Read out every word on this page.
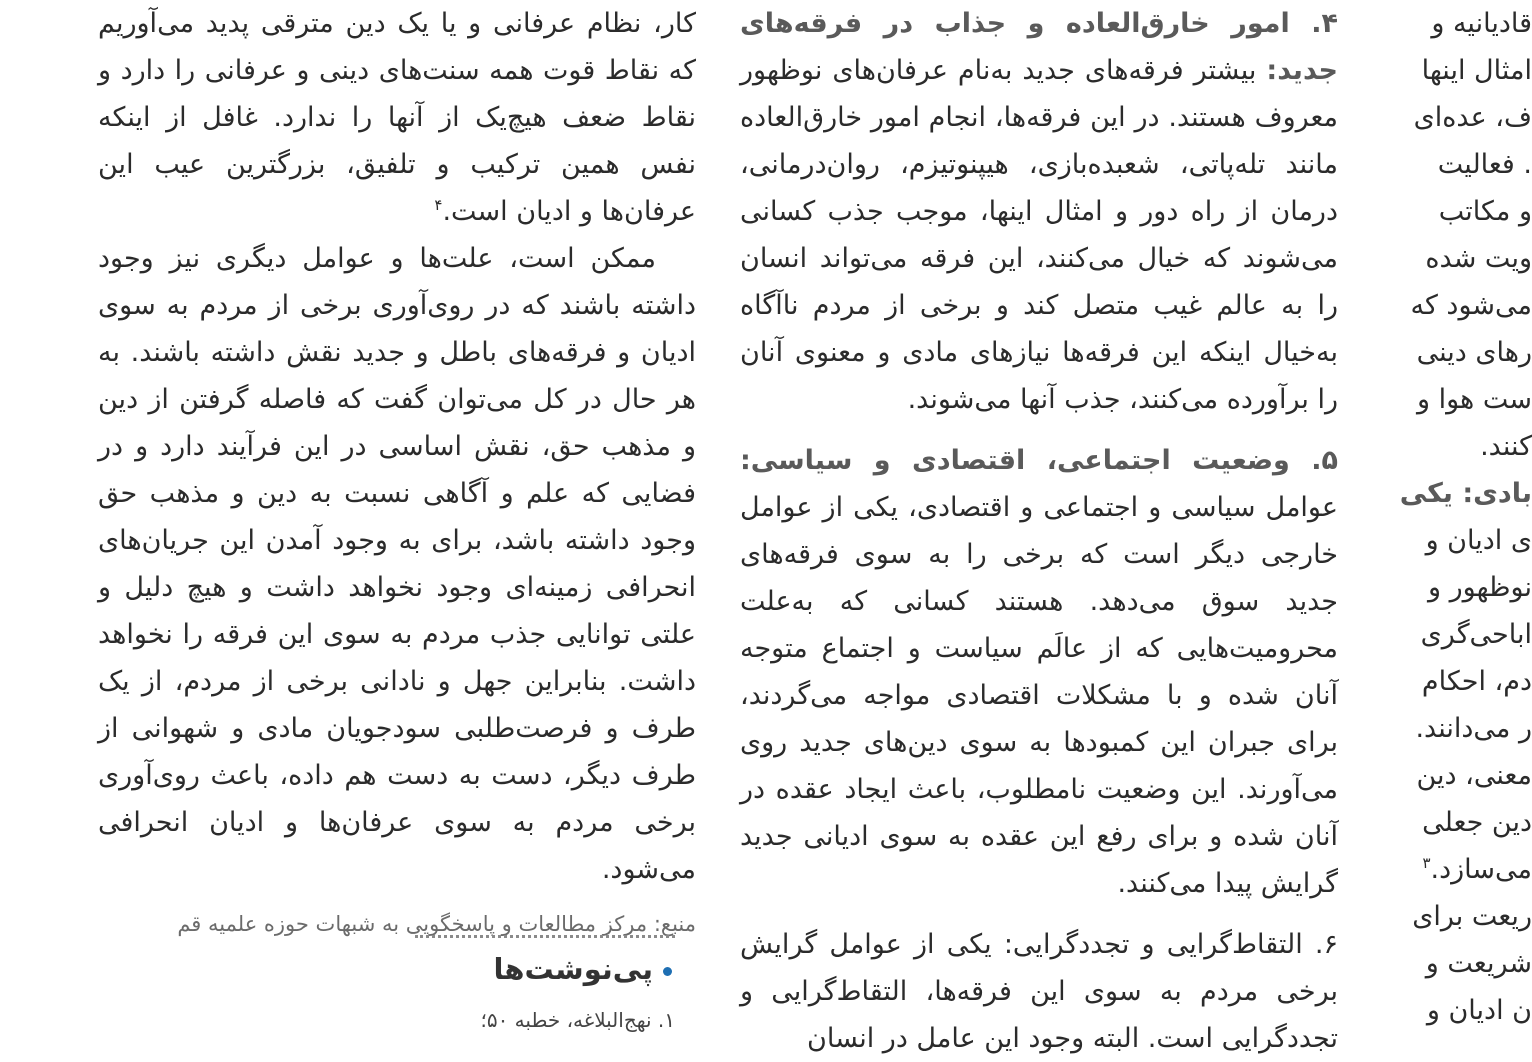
کار، نظام عرفانی و یا یک دین مترقی پدید می‌آوریم که نقاط قوت همه سنت‌های دینی و عرفانی را دارد و نقاط ضعف هیچ‌یک از آنها را ندارد. غافل از اینکه نفس همین ترکیب و تلفیق، بزرگترین عیب این عرفان‌ها و ادیان است.$^۴$

ممکن است، علت‌ها و عوامل دیگری نیز وجود داشته باشند که در روی‌آوری برخی از مردم به سوی ادیان و فرقه‌های باطل و جدید نقش داشته باشند. به هر حال در کل می‌توان گفت که فاصله گرفتن از دین و مذهب حق، نقش اساسی در این فرآیند دارد و در فضایی که علم و آگاهی نسبت به دین و مذهب حق وجود داشته باشد، برای به وجود آمدن این جریان‌های انحرافی زمینه‌ای وجود نخواهد داشت و هیچ دلیل و علتی توانایی جذب مردم به سوی این فرقه را نخواهد داشت. بنابراین جهل و نادانی برخی از مردم، از یک طرف و فرصت‌طلبی سودجویان مادی و شهوانی از طرف دیگر، دست به دست هم داده، باعث روی‌آوری برخی مردم به سوی عرفان‌ها و ادیان انحرافی می‌شود.

منبع: مرکز مطالعات و پاسخگویی به شبهات حوزه علمیه قم

پی‌نوشت‌ها
۱. نهج‌البلاغه، خطبه ۵۰؛

۴. امور خارق‌العاده و جذاب در فرقه‌های جدید: بیشتر فرقه‌های جدید به‌نام عرفان‌های نوظهور معروف هستند. در این فرقه‌ها، انجام امور خارق‌العاده مانند تله‌پاتی، شعبده‌بازی، هیپنوتیزم، روان‌درمانی، درمان از راه دور و امثال اینها، موجب جذب کسانی می‌شوند که خیال می‌کنند، این فرقه می‌تواند انسان را به عالم غیب متصل کند و برخی از مردم ناآگاه به‌خیال اینکه این فرقه‌ها نیازهای مادی و معنوی آنان را برآورده می‌کنند، جذب آنها می‌شوند.

۵. وضعیت اجتماعی، اقتصادی و سیاسی: عوامل سیاسی و اجتماعی و اقتصادی، یکی از عوامل خارجی دیگر است که برخی را به سوی فرقه‌های جدید سوق می‌دهد. هستند کسانی که به‌علت محرومیت‌هایی که از عالَم سیاست و اجتماع متوجه آنان شده و با مشکلات اقتصادی مواجه می‌گردند، برای جبران این کمبودها به سوی دین‌های جدید روی می‌آورند. این وضعیت نامطلوب، باعث ایجاد عقده در آنان شده و برای رفع این عقده به سوی ادیانی جدید گرایش پیدا می‌کنند.

۶. التقاط‌گرایی و تجددگرایی: یکی از عوامل گرایش برخی مردم به سوی این فرقه‌ها، التقاط‌گرایی و تجددگرایی است. البته وجود این عامل در انسان

قادیانیه و

امثال اینها

ف، عده‌ای

. فعالیت

و مکاتب

ویت شده

می‌شود که

رهای دینی

ست هوا و

کنند.

بادی: یکی

ی ادیان و

نوظهور و

اباحی‌گری

دم، احکام

ر می‌دانند.

معنی، دین

دین جعلی

می‌سازد.$^۳$

ریعت برای

شریعت و

ن ادیان و
